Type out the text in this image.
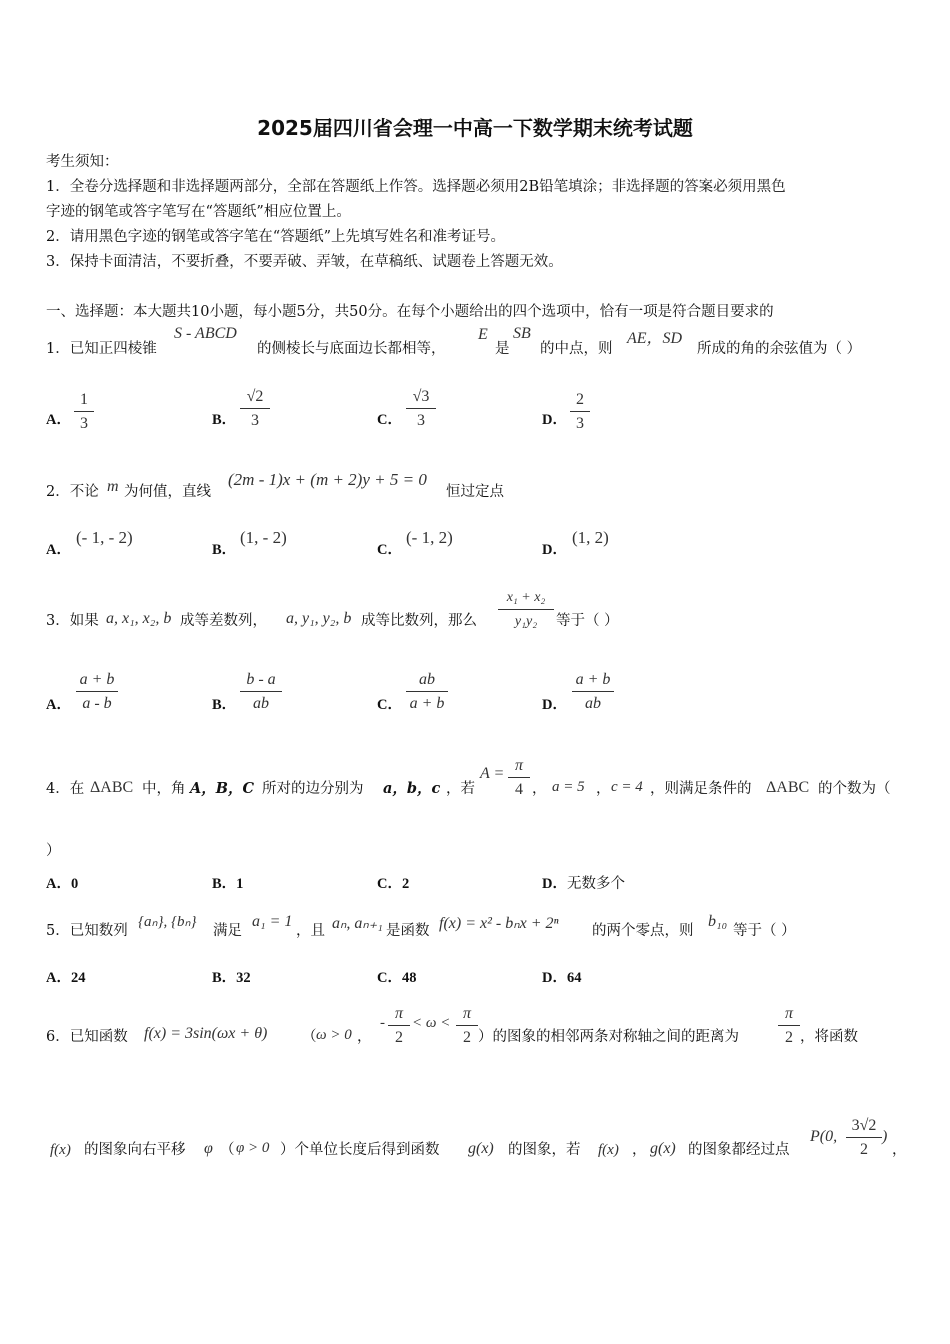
2025届四川省会理一中高一下数学期末统考试题
考生须知：
1．全卷分选择题和非选择题两部分，全部在答题纸上作答。选择题必须用2B铅笔填涂；非选择题的答案必须用黑色
字迹的钢笔或答字笔写在“答题纸”相应位置上。
2．请用黑色字迹的钢笔或答字笔在“答题纸”上先填写姓名和准考证号。
3．保持卡面清洁，不要折叠，不要弄破、弄皱，在草稿纸、试题卷上答题无效。
一、选择题：本大题共10小题，每小题5分，共50分。在每个小题给出的四个选项中，恰有一项是符合题目要求的
1．已知正四棱锥
S - ABCD
的侧棱长与底面边长都相等，
E
是
SB
的中点，则
AE，SD
所成的角的余弦值为（ ）
A． $\frac{1}{3}$	B． $\frac{√2}{3}$	C． $\frac{√3}{3}$	D． $\frac{2}{3}$
2．不论 m 为何值，直线
(2m - 1)x + (m + 2)y + 5 = 0
恒过定点
A．
(- 1, - 2)
B．
(1, - 2)
C．
(- 1, 2)
D．
(1, 2)
3．如果 a, x₁, x₂, b 成等差数列， a, y₁, y₂, b 成等比数列，那么 $\frac{\text{x₁ + x₂}}{\text{y₁y₂}}$ 等于（ ）
A． $\frac{a + b}{a - b}$	B． $\frac{b - a}{ab}$	C． $\frac{ab}{a + b}$	D． $\frac{a + b}{ab}$
4．在 ΔABC 中，角 A，B，C 所对的边分别为 a，b，c ，若
$A = \frac{\pi}{4}$ ， a = 5 ， c = 4 ，则满足条件的 ΔABC 的个数为（
）
A．0	B．1	C．2	D．无数多个
5．已知数列
{aₙ}, {bₙ}
满足
a₁ = 1
，且 aₙ, aₙ₊₁ 是函数 f(x) = x² - bₙx + 2ⁿ 的两个零点，则
b₁₀
等于（ ）
A．24	B．32	C．48	D．64
6．已知函数 f(x) = 3sin(ωx + θ) （ ω > 0 ，
- $\frac{\pi}{2} < \omega < \frac{\pi}{2}$ ）的图象的相邻两条对称轴之间的距离为 $\frac{\pi}{2}$ ，将函数
f(x) 的图象向右平移 φ （ φ > 0 ）个单位长度后得到函数 g(x) 的图象，若 f(x) ， g(x) 的图象都经过点
P(0, $\frac{3√2}{2}$ )
，
